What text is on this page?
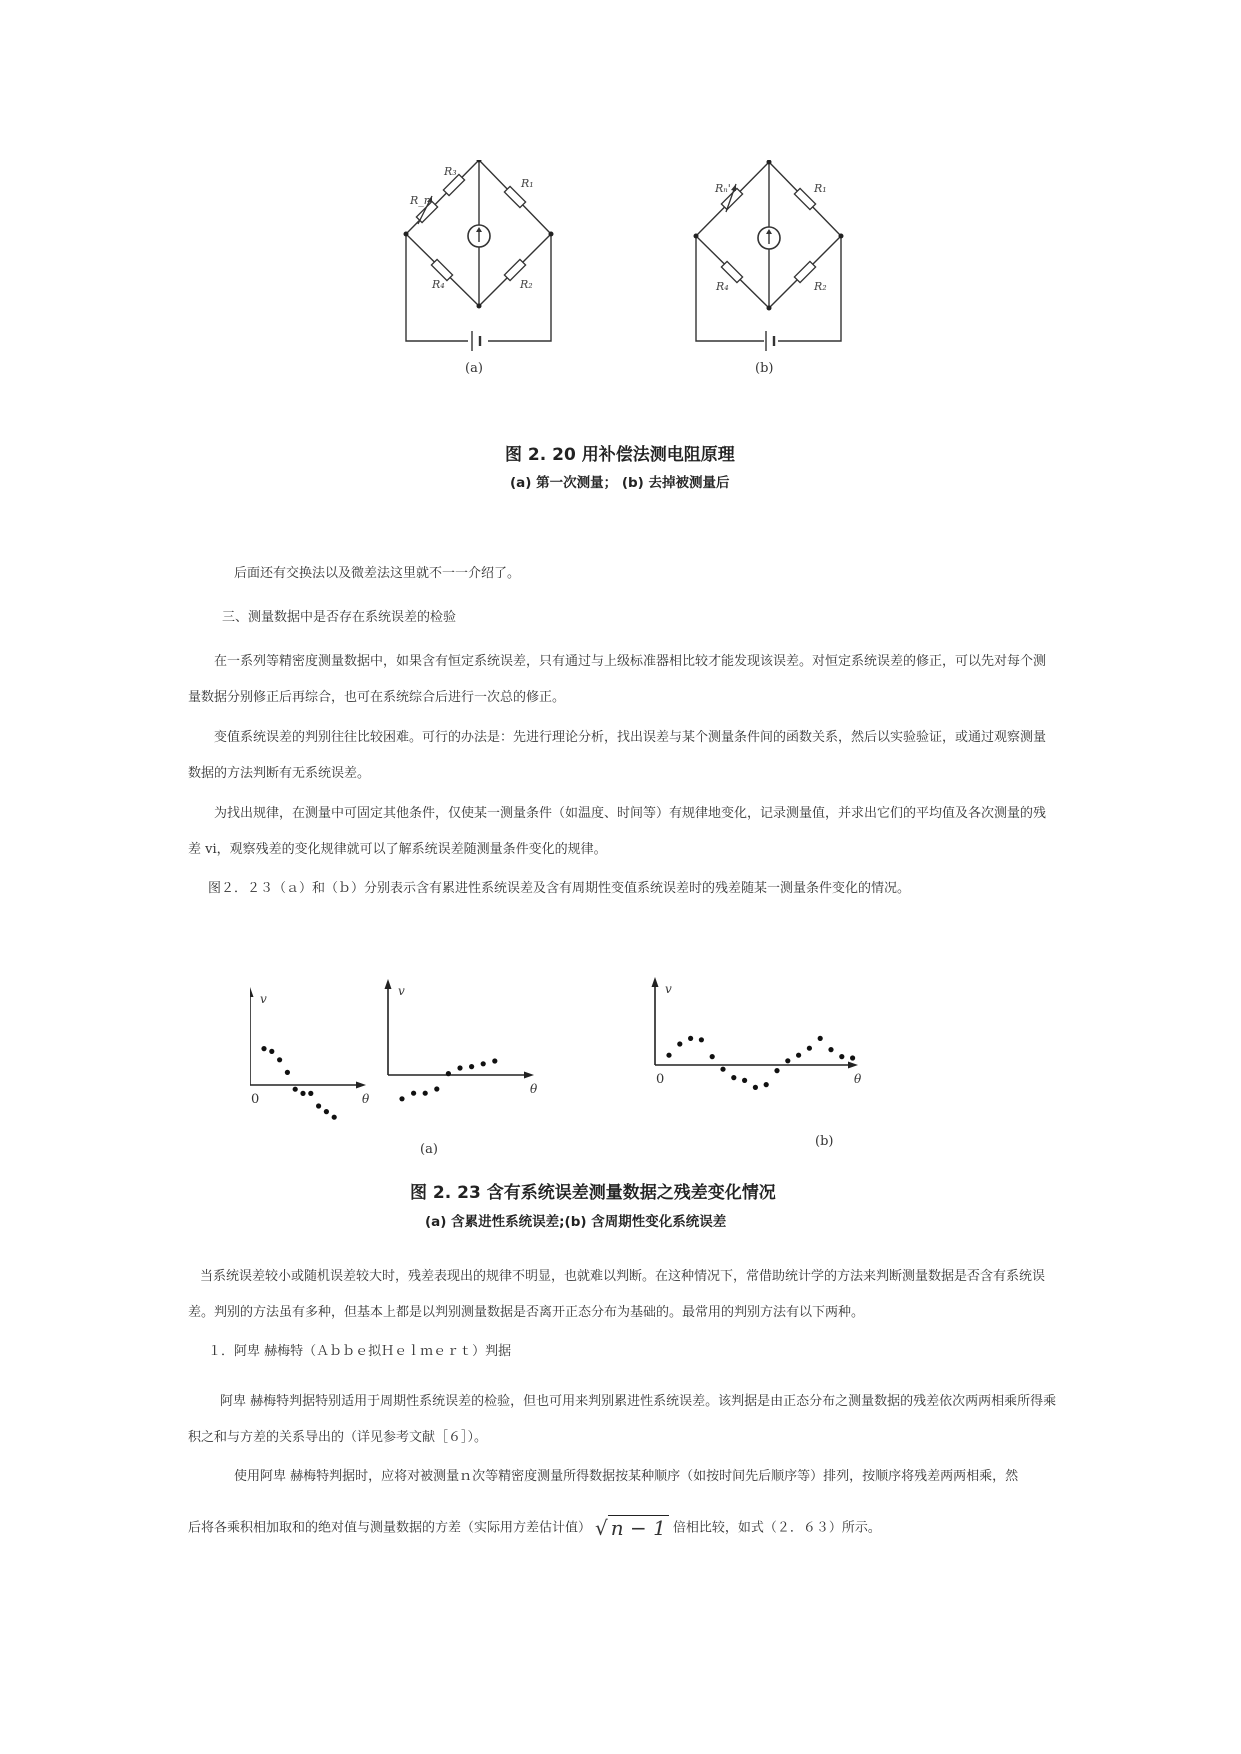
R₃
R_n
R₁
R₄	R₂
(a)
Rₙ'	R₁
R₄	R₂
(b)
图 2. 20 用补偿法测电阻原理
(a) 第一次测量； (b) 去掉被测量后
后面还有交换法以及微差法这里就不一一介绍了。
三、测量数据中是否存在系统误差的检验
在一系列等精密度测量数据中，如果含有恒定系统误差，只有通过与上级标准器相比较才能发现该误差。对恒定系统误差的修正，可以先对每个测量数据分别修正后再综合，也可在系统综合后进行一次总的修正。
变值系统误差的判别往往比较困难。可行的办法是：先进行理论分析，找出误差与某个测量条件间的函数关系，然后以实验验证，或通过观察测量数据的方法判断有无系统误差。
为找出规律，在测量中可固定其他条件，仅使某一测量条件（如温度、时间等）有规律地变化，记录测量值，并求出它们的平均值及各次测量的残差 vi，观察残差的变化规律就可以了解系统误差随测量条件变化的规律。
图２．２３（ａ）和（ｂ）分别表示含有累进性系统误差及含有周期性变值系统误差时的残差随某一测量条件变化的情况。
v
θ
0
v
θ
v
θ
0
(a)
(b)
图 2. 23 含有系统误差测量数据之残差变化情况
(a) 含累进性系统误差;(b) 含周期性变化系统误差
当系统误差较小或随机误差较大时，残差表现出的规律不明显，也就难以判断。在这种情况下，常借助统计学的方法来判断测量数据是否含有系统误差。判别的方法虽有多种，但基本上都是以判别测量数据是否离开正态分布为基础的。最常用的判别方法有以下两种。
１．阿卑 赫梅特（Ａｂｂｅ拟Ｈｅｌｍｅｒｔ）判据
阿卑 赫梅特判据特别适用于周期性系统误差的检验，但也可用来判别累进性系统误差。该判据是由正态分布之测量数据的残差依次两两相乘所得乘积之和与方差的关系导出的（详见参考文献［６］）。
使用阿卑 赫梅特判据时，应将对被测量ｎ次等精密度测量所得数据按某种顺序（如按时间先后顺序等）排列，按顺序将残差两两相乘，然
后将各乘积相加取和的绝对值与测量数据的方差（实际用方差估计值） √ n − 1 倍相比较，如式（２．６３）所示。
